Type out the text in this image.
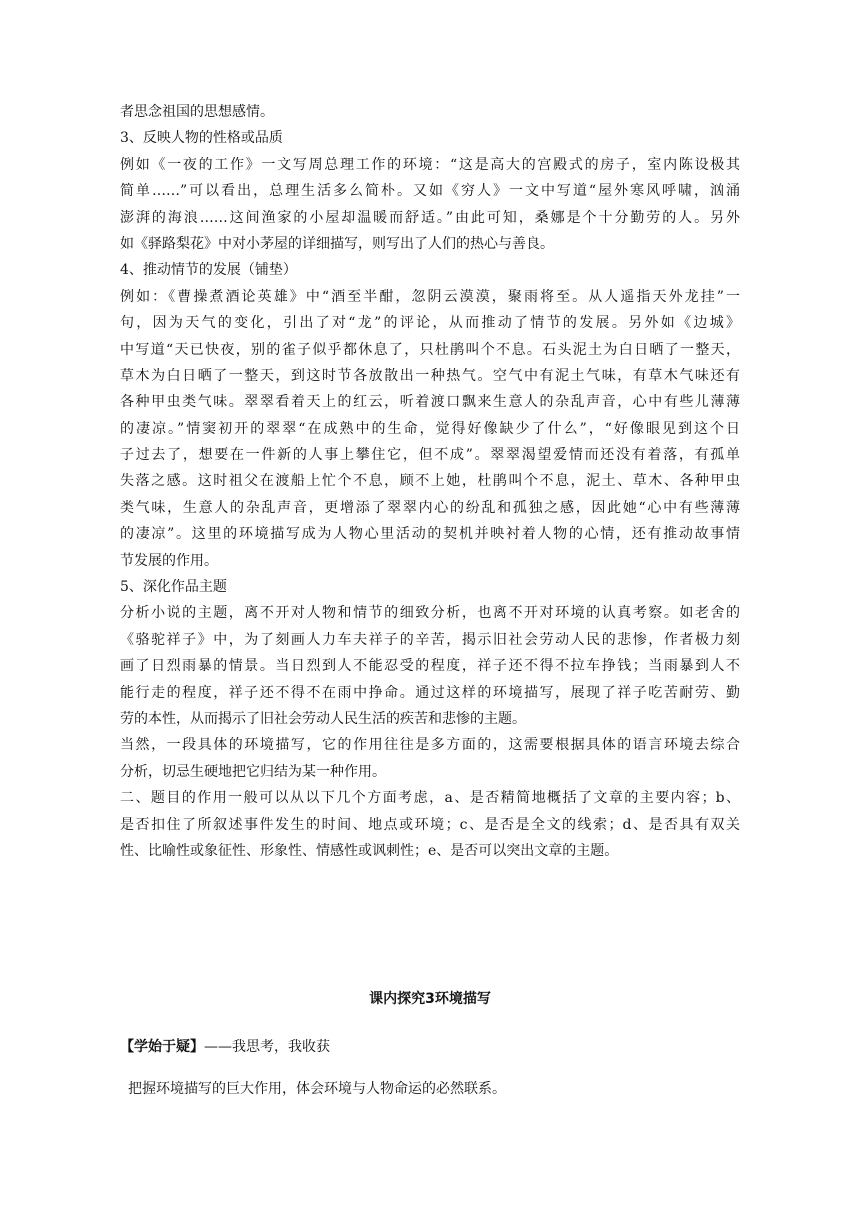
者思念祖国的思想感情。
3、反映人物的性格或品质
例如《一夜的工作》一文写周总理工作的环境：“这是高大的宫殿式的房子，室内陈设极其
简单……”可以看出，总理生活多么简朴。又如《穷人》一文中写道“屋外寒风呼啸，汹涌
澎湃的海浪……这间渔家的小屋却温暖而舒适。”由此可知，桑娜是个十分勤劳的人。另外
如《驿路梨花》中对小茅屋的详细描写，则写出了人们的热心与善良。
4、推动情节的发展（铺垫）
例如：《曹操煮酒论英雄》中“酒至半酣，忽阴云漠漠，聚雨将至。从人遥指天外龙挂”一
句，因为天气的变化，引出了对“龙”的评论，从而推动了情节的发展。另外如《边城》
中写道“天已快夜，别的雀子似乎都休息了，只杜鹃叫个不息。石头泥土为白日晒了一整天，
草木为白日晒了一整天，到这时节各放散出一种热气。空气中有泥土气味，有草木气味还有
各种甲虫类气味。翠翠看着天上的红云，听着渡口飘来生意人的杂乱声音，心中有些儿薄薄
的凄凉。”情窦初开的翠翠“在成熟中的生命，觉得好像缺少了什么”，“好像眼见到这个日
子过去了，想要在一件新的人事上攀住它，但不成”。翠翠渴望爱情而还没有着落，有孤单
失落之感。这时祖父在渡船上忙个不息，顾不上她，杜鹃叫个不息，泥土、草木、各种甲虫
类气味，生意人的杂乱声音，更增添了翠翠内心的纷乱和孤独之感，因此她“心中有些薄薄
的凄凉”。这里的环境描写成为人物心里活动的契机并映衬着人物的心情，还有推动故事情
节发展的作用。
5、深化作品主题
分析小说的主题，离不开对人物和情节的细致分析，也离不开对环境的认真考察。如老舍的
《骆驼祥子》中，为了刻画人力车夫祥子的辛苦，揭示旧社会劳动人民的悲惨，作者极力刻
画了日烈雨暴的情景。当日烈到人不能忍受的程度，祥子还不得不拉车挣钱；当雨暴到人不
能行走的程度，祥子还不得不在雨中挣命。通过这样的环境描写，展现了祥子吃苦耐劳、勤
劳的本性，从而揭示了旧社会劳动人民生活的疾苦和悲惨的主题。
当然，一段具体的环境描写，它的作用往往是多方面的，这需要根据具体的语言环境去综合
分析，切忌生硬地把它归结为某一种作用。
二、题目的作用一般可以从以下几个方面考虑，a、是否精简地概括了文章的主要内容；b、
是否扣住了所叙述事件发生的时间、地点或环境；c、是否是全文的线索；d、是否具有双关
性、比喻性或象征性、形象性、情感性或讽刺性；e、是否可以突出文章的主题。
课内探究3环境描写
【学始于疑】——我思考，我收获
把握环境描写的巨大作用，体会环境与人物命运的必然联系。
